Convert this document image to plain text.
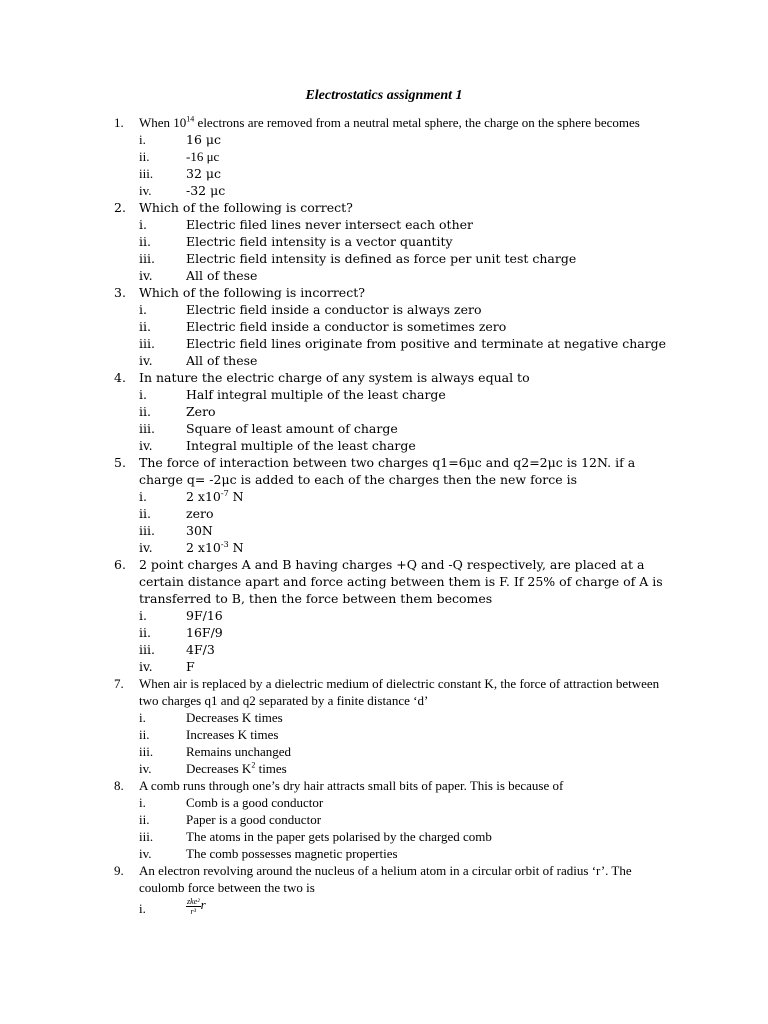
Electrostatics assignment 1
1. When $10^{14}$ electrons are removed from a neutral metal sphere, the charge on the sphere becomes
i.	16 μc
ii.	-16 μc
iii.	32 μc
iv.	-32 μc
2. Which of the following is correct?
i.	Electric filed lines never intersect each other
ii.	Electric field intensity is a vector quantity
iii. Electric field intensity is defined as force per unit test charge
iv.	All of these
3. Which of the following is incorrect?
i.	Electric field inside a conductor is always zero
ii.	Electric field inside a conductor is sometimes zero
iii. Electric field lines originate from positive and terminate at negative charge
iv.	All of these
4. In nature the electric charge of any system is always equal to
i.	Half integral multiple of the least charge
ii.	Zero
iii. Square of least amount of charge
iv.	Integral multiple of the least charge
5. The force of interaction between two charges q1=6μc and q2=2μc is 12N. if a charge q= -2μc is added to each of the charges then the new force is
i.	2 $x10^{-7}$ N
ii.	zero
iii. 30N
iv.	2 $x10^{-3}$ N
6. 2 point charges A and B having charges +Q and -Q respectively, are placed at a certain distance apart and force acting between them is F. If 25% of charge of A is transferred to B, then the force between them becomes
i.	9F/16
ii.	16F/9
iii. 4F/3
iv.	F
7. When air is replaced by a dielectric medium of dielectric constant K, the force of attraction between two charges q1 and q2 separated by a finite distance ‘d’
i.	Decreases K times
ii.	Increases K times
iii.	Remains unchanged
iv.	Decreases $K^2$ times
8. A comb runs through one’s dry hair attracts small bits of paper. This is because of
i.	Comb is a good conductor
ii.	Paper is a good conductor
iii.	The atoms in the paper gets polarised by the charged comb
iv.	The comb possesses magnetic properties
9. An electron revolving around the nucleus of a helium atom in a circular orbit of radius ‘r’. The coulomb force between the two is
i.	$\frac{\text{zke²}}{\text{r³}}$ r⃗
